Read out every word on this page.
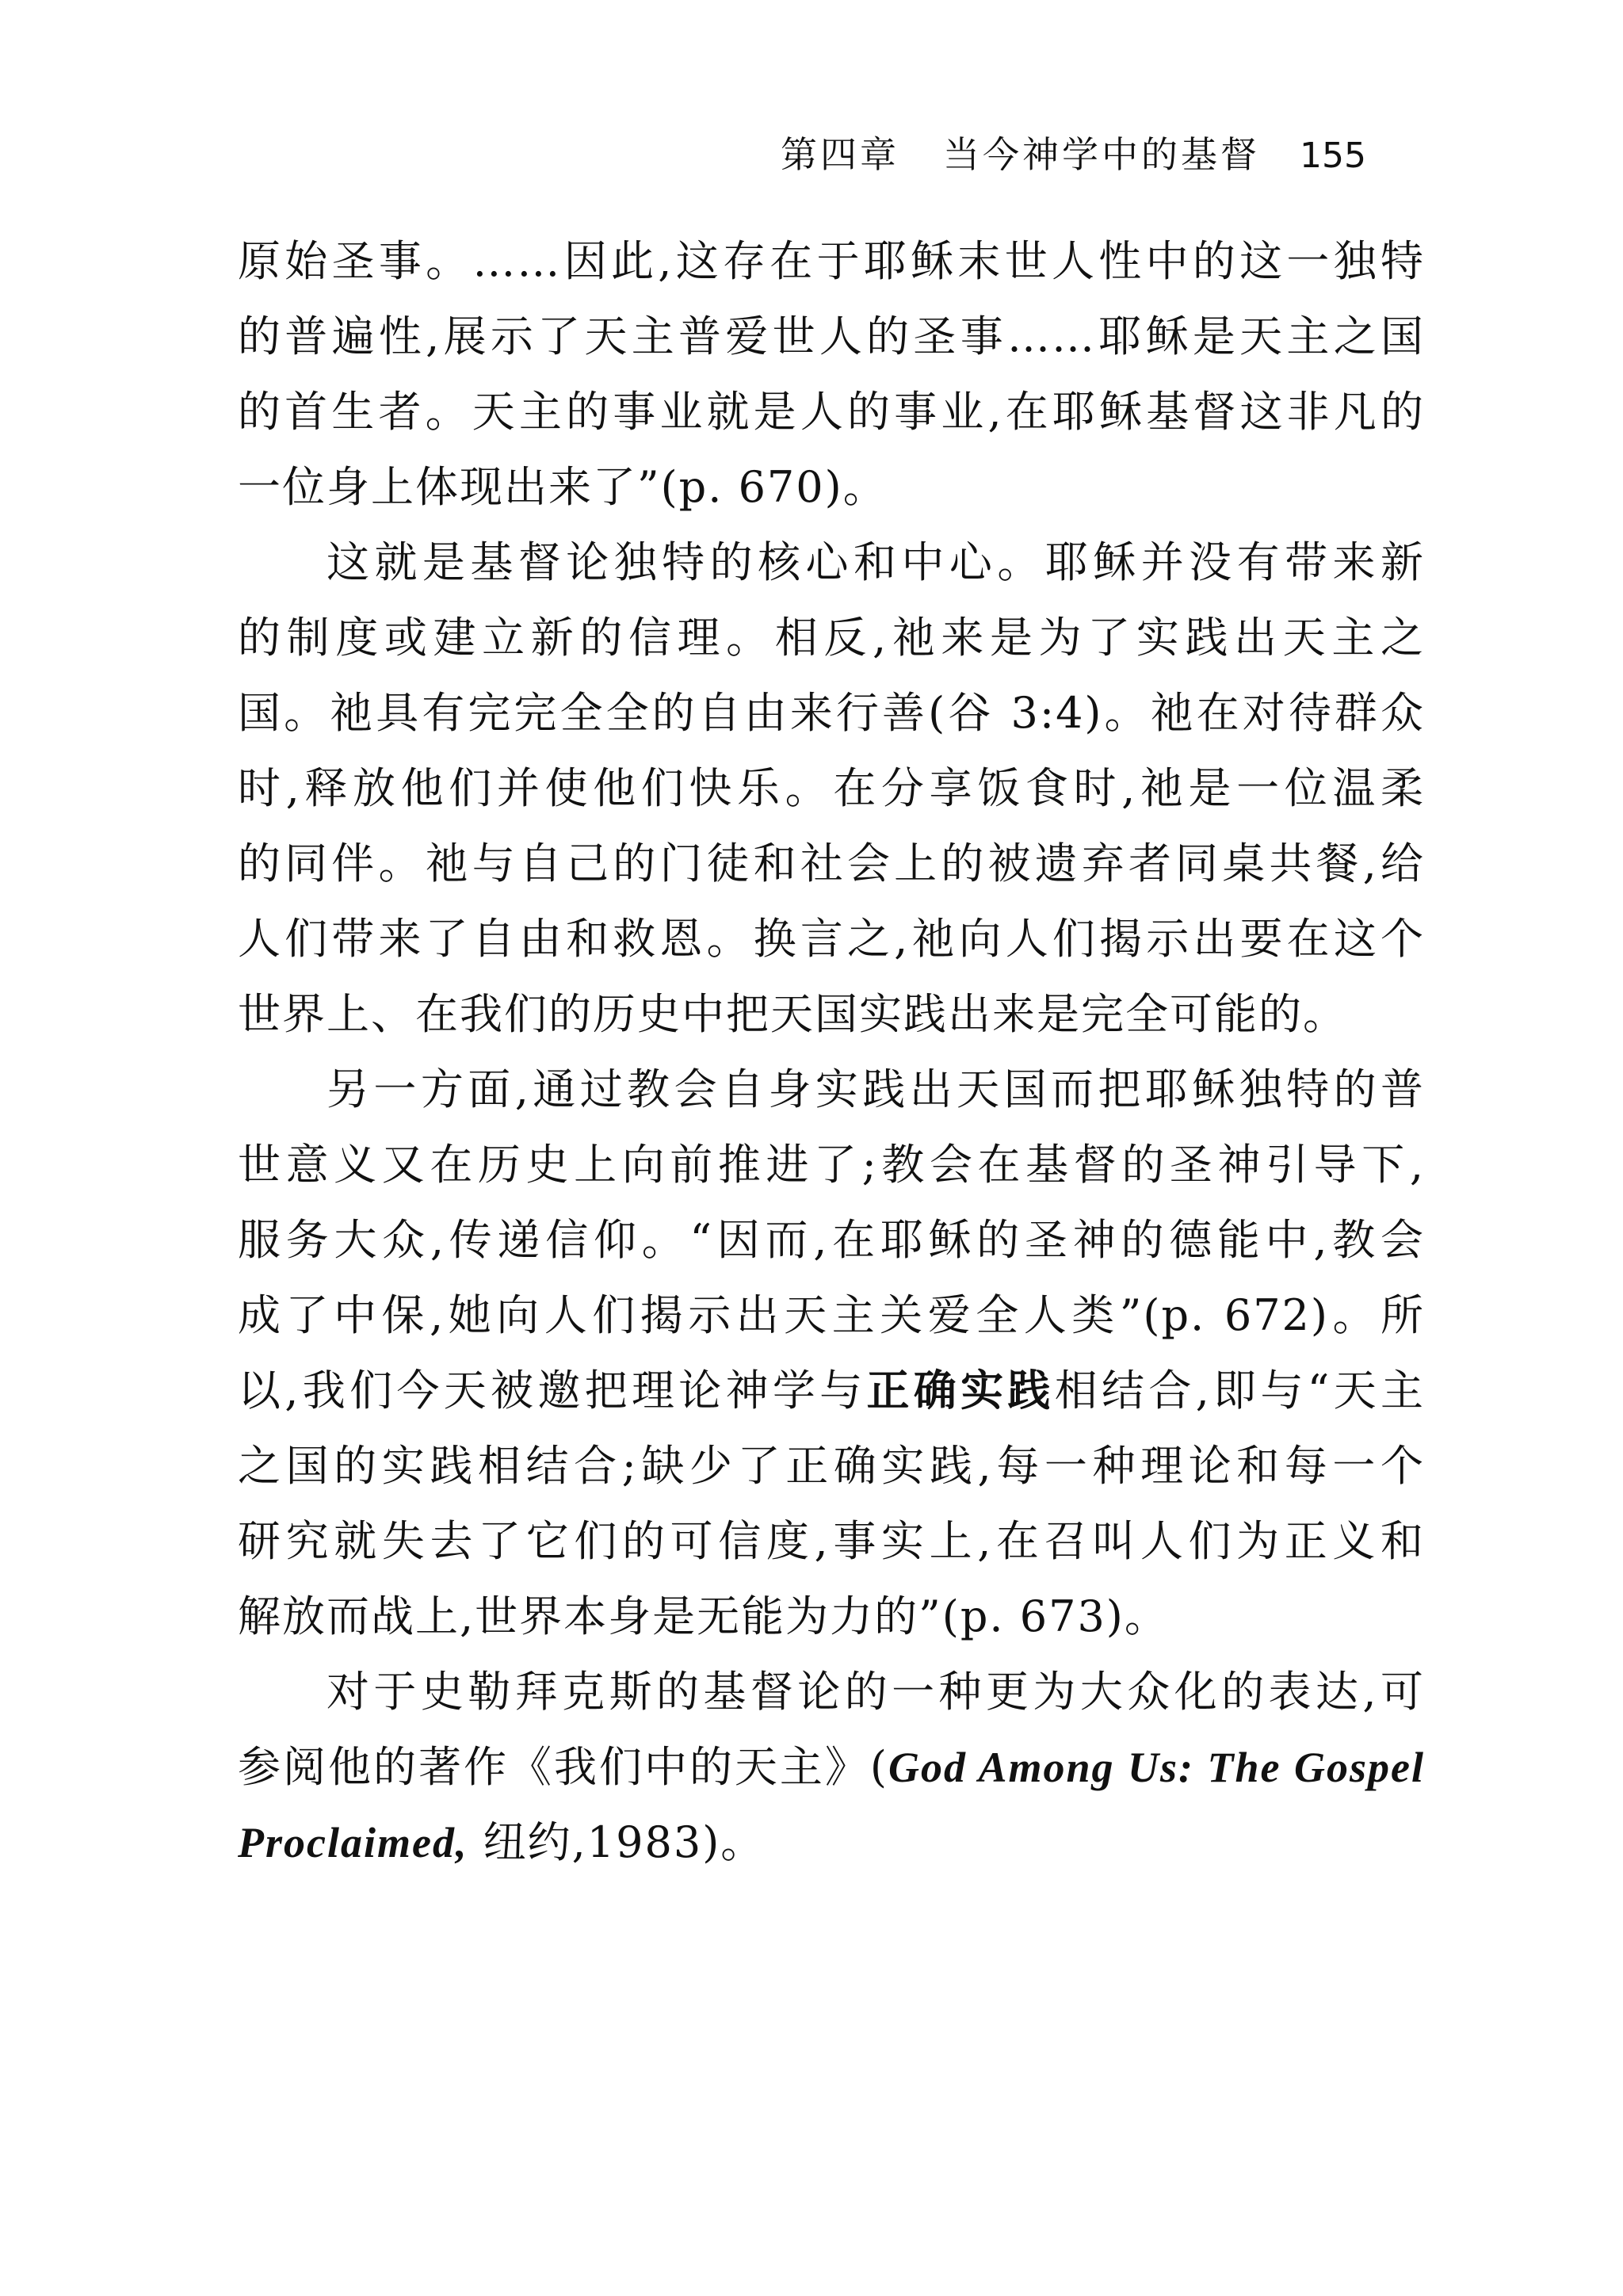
第四章 当今神学中的基督 155
原始圣事。……因此,这存在于耶稣末世人性中的这一独特
的普遍性,展示了天主普爱世人的圣事……耶稣是天主之国
的首生者。天主的事业就是人的事业,在耶稣基督这非凡的
一位身上体现出来了”(p. 670)。
这就是基督论独特的核心和中心。耶稣并没有带来新
的制度或建立新的信理。相反,祂来是为了实践出天主之
国。祂具有完完全全的自由来行善(谷 3:4)。祂在对待群众
时,释放他们并使他们快乐。在分享饭食时,祂是一位温柔
的同伴。祂与自己的门徒和社会上的被遗弃者同桌共餐,给
人们带来了自由和救恩。换言之,祂向人们揭示出要在这个
世界上、在我们的历史中把天国实践出来是完全可能的。
另一方面,通过教会自身实践出天国而把耶稣独特的普
世意义又在历史上向前推进了;教会在基督的圣神引导下,
服务大众,传递信仰。“因而,在耶稣的圣神的德能中,教会
成了中保,她向人们揭示出天主关爱全人类”(p. 672)。所
以,我们今天被邀把理论神学与正确实践相结合,即与“天主
之国的实践相结合;缺少了正确实践,每一种理论和每一个
研究就失去了它们的可信度,事实上,在召叫人们为正义和
解放而战上,世界本身是无能为力的”(p. 673)。
对于史勒拜克斯的基督论的一种更为大众化的表达,可
参阅他的著作《我们中的天主》(God Among Us: The Gospel
Proclaimed, 纽约,1983)。
